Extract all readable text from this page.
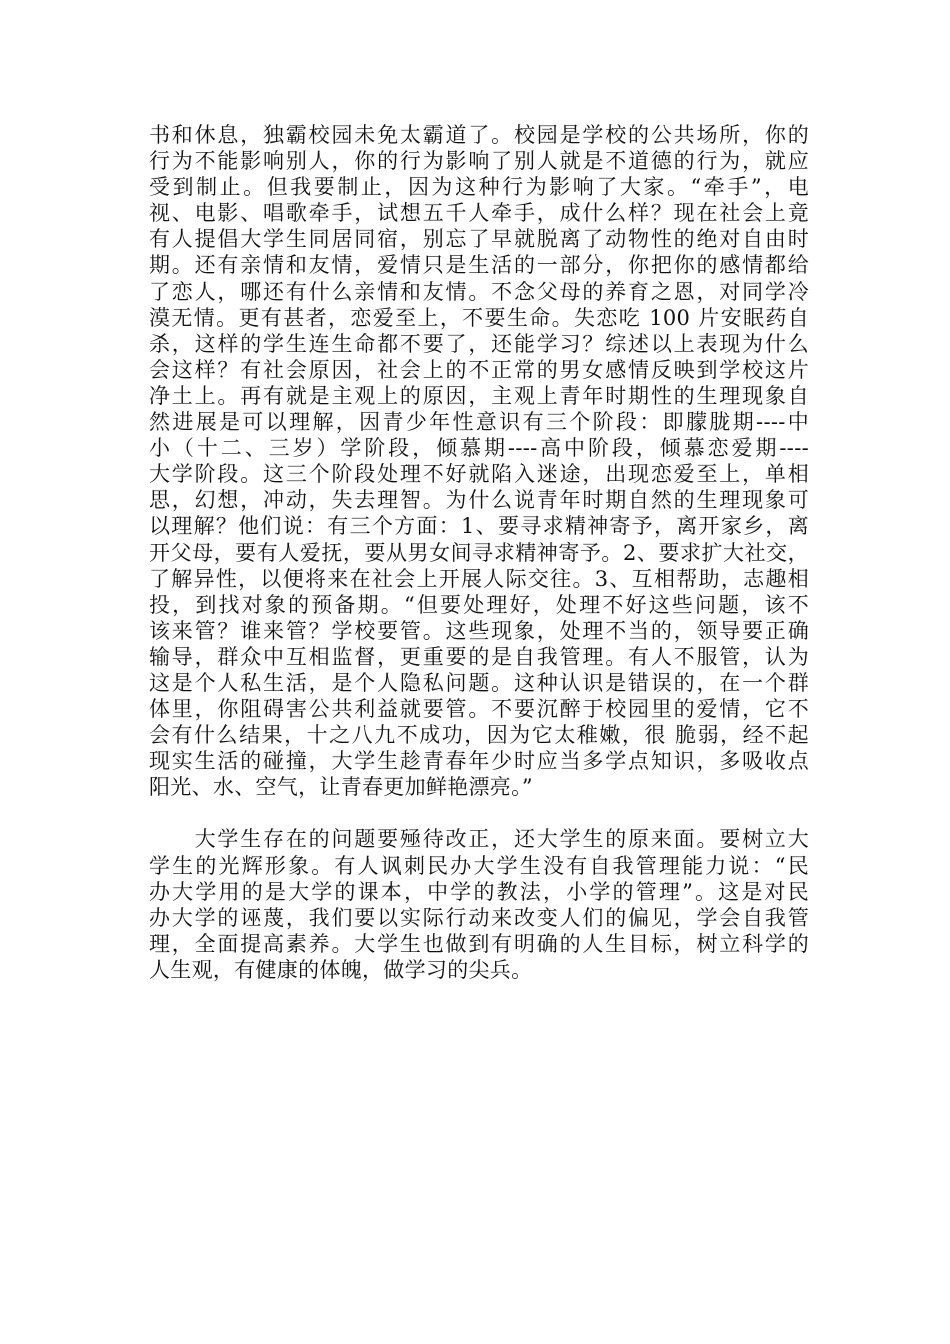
书和休息，独霸校园未免太霸道了。校园是学校的公共场所，你的
行为不能影响别人，你的行为影响了别人就是不道德的行为，就应
受到制止。但我要制止，因为这种行为影响了大家。“牵手”，电
视、电影、唱歌牵手，试想五千人牵手，成什么样？现在社会上竟
有人提倡大学生同居同宿，别忘了早就脱离了动物性的绝对自由时
期。还有亲情和友情，爱情只是生活的一部分，你把你的感情都给
了恋人，哪还有什么亲情和友情。不念父母的养育之恩，对同学冷
漠无情。更有甚者，恋爱至上，不要生命。失恋吃 100 片安眠药自
杀，这样的学生连生命都不要了，还能学习？综述以上表现为什么
会这样？有社会原因，社会上的不正常的男女感情反映到学校这片
净土上。再有就是主观上的原因，主观上青年时期性的生理现象自
然进展是可以理解，因青少年性意识有三个阶段：即朦胧期----中
小（十二、三岁）学阶段，倾慕期----高中阶段，倾慕恋爱期----
大学阶段。这三个阶段处理不好就陷入迷途，出现恋爱至上，单相
思，幻想，冲动，失去理智。为什么说青年时期自然的生理现象可
以理解？他们说：有三个方面：1、要寻求精神寄予，离开家乡，离
开父母，要有人爱抚，要从男女间寻求精神寄予。2、要求扩大社交，
了解异性，以便将来在社会上开展人际交往。3、互相帮助，志趣相
投，到找对象的预备期。“但要处理好，处理不好这些问题，该不
该来管？谁来管？学校要管。这些现象，处理不当的，领导要正确
输导，群众中互相监督，更重要的是自我管理。有人不服管，认为
这是个人私生活，是个人隐私问题。这种认识是错误的，在一个群
体里，你阻碍害公共利益就要管。不要沉醉于校园里的爱情，它不
会有什么结果，十之八九不成功，因为它太稚嫩，很 脆弱，经不起
现实生活的碰撞，大学生趁青春年少时应当多学点知识，多吸收点
阳光、水、空气，让青春更加鲜艳漂亮。”
　　大学生存在的问题要殛待改正，还大学生的原来面。要树立大
学生的光辉形象。有人讽刺民办大学生没有自我管理能力说：“民
办大学用的是大学的课本，中学的教法，小学的管理”。这是对民
办大学的诬蔑，我们要以实际行动来改变人们的偏见，学会自我管
理，全面提高素养。大学生也做到有明确的人生目标，树立科学的
人生观，有健康的体魄，做学习的尖兵。
